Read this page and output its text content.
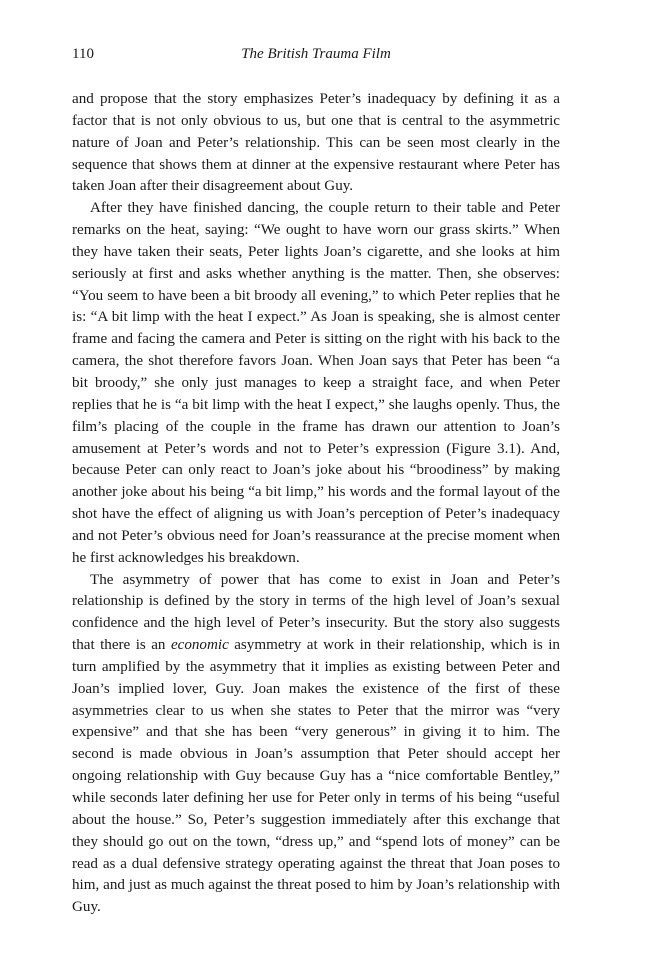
110	The British Trauma Film

and propose that the story emphasizes Peter’s inadequacy by defining it as a factor that is not only obvious to us, but one that is central to the asymmetric nature of Joan and Peter’s relationship. This can be seen most clearly in the sequence that shows them at dinner at the expensive restaurant where Peter has taken Joan after their disagreement about Guy.

After they have finished dancing, the couple return to their table and Peter remarks on the heat, saying: “We ought to have worn our grass skirts.” When they have taken their seats, Peter lights Joan’s cigarette, and she looks at him seriously at first and asks whether anything is the matter. Then, she observes: “You seem to have been a bit broody all evening,” to which Peter replies that he is: “A bit limp with the heat I expect.” As Joan is speaking, she is almost center frame and facing the camera and Peter is sitting on the right with his back to the camera, the shot therefore favors Joan. When Joan says that Peter has been “a bit broody,” she only just manages to keep a straight face, and when Peter replies that he is “a bit limp with the heat I expect,” she laughs openly. Thus, the film’s placing of the couple in the frame has drawn our attention to Joan’s amusement at Peter’s words and not to Peter’s expression (Figure 3.1). And, because Peter can only react to Joan’s joke about his “broodiness” by making another joke about his being “a bit limp,” his words and the formal layout of the shot have the effect of aligning us with Joan’s perception of Peter’s inadequacy and not Peter’s obvious need for Joan’s reassurance at the precise moment when he first acknowledges his breakdown.

The asymmetry of power that has come to exist in Joan and Peter’s relationship is defined by the story in terms of the high level of Joan’s sexual confidence and the high level of Peter’s insecurity. But the story also suggests that there is an economic asymmetry at work in their relationship, which is in turn amplified by the asymmetry that it implies as existing between Peter and Joan’s implied lover, Guy. Joan makes the existence of the first of these asymmetries clear to us when she states to Peter that the mirror was “very expensive” and that she has been “very generous” in giving it to him. The second is made obvious in Joan’s assumption that Peter should accept her ongoing relationship with Guy because Guy has a “nice comfortable Bentley,” while seconds later defining her use for Peter only in terms of his being “useful about the house.” So, Peter’s suggestion immediately after this exchange that they should go out on the town, “dress up,” and “spend lots of money” can be read as a dual defensive strategy operating against the threat that Joan poses to him, and just as much against the threat posed to him by Joan’s relationship with Guy.
